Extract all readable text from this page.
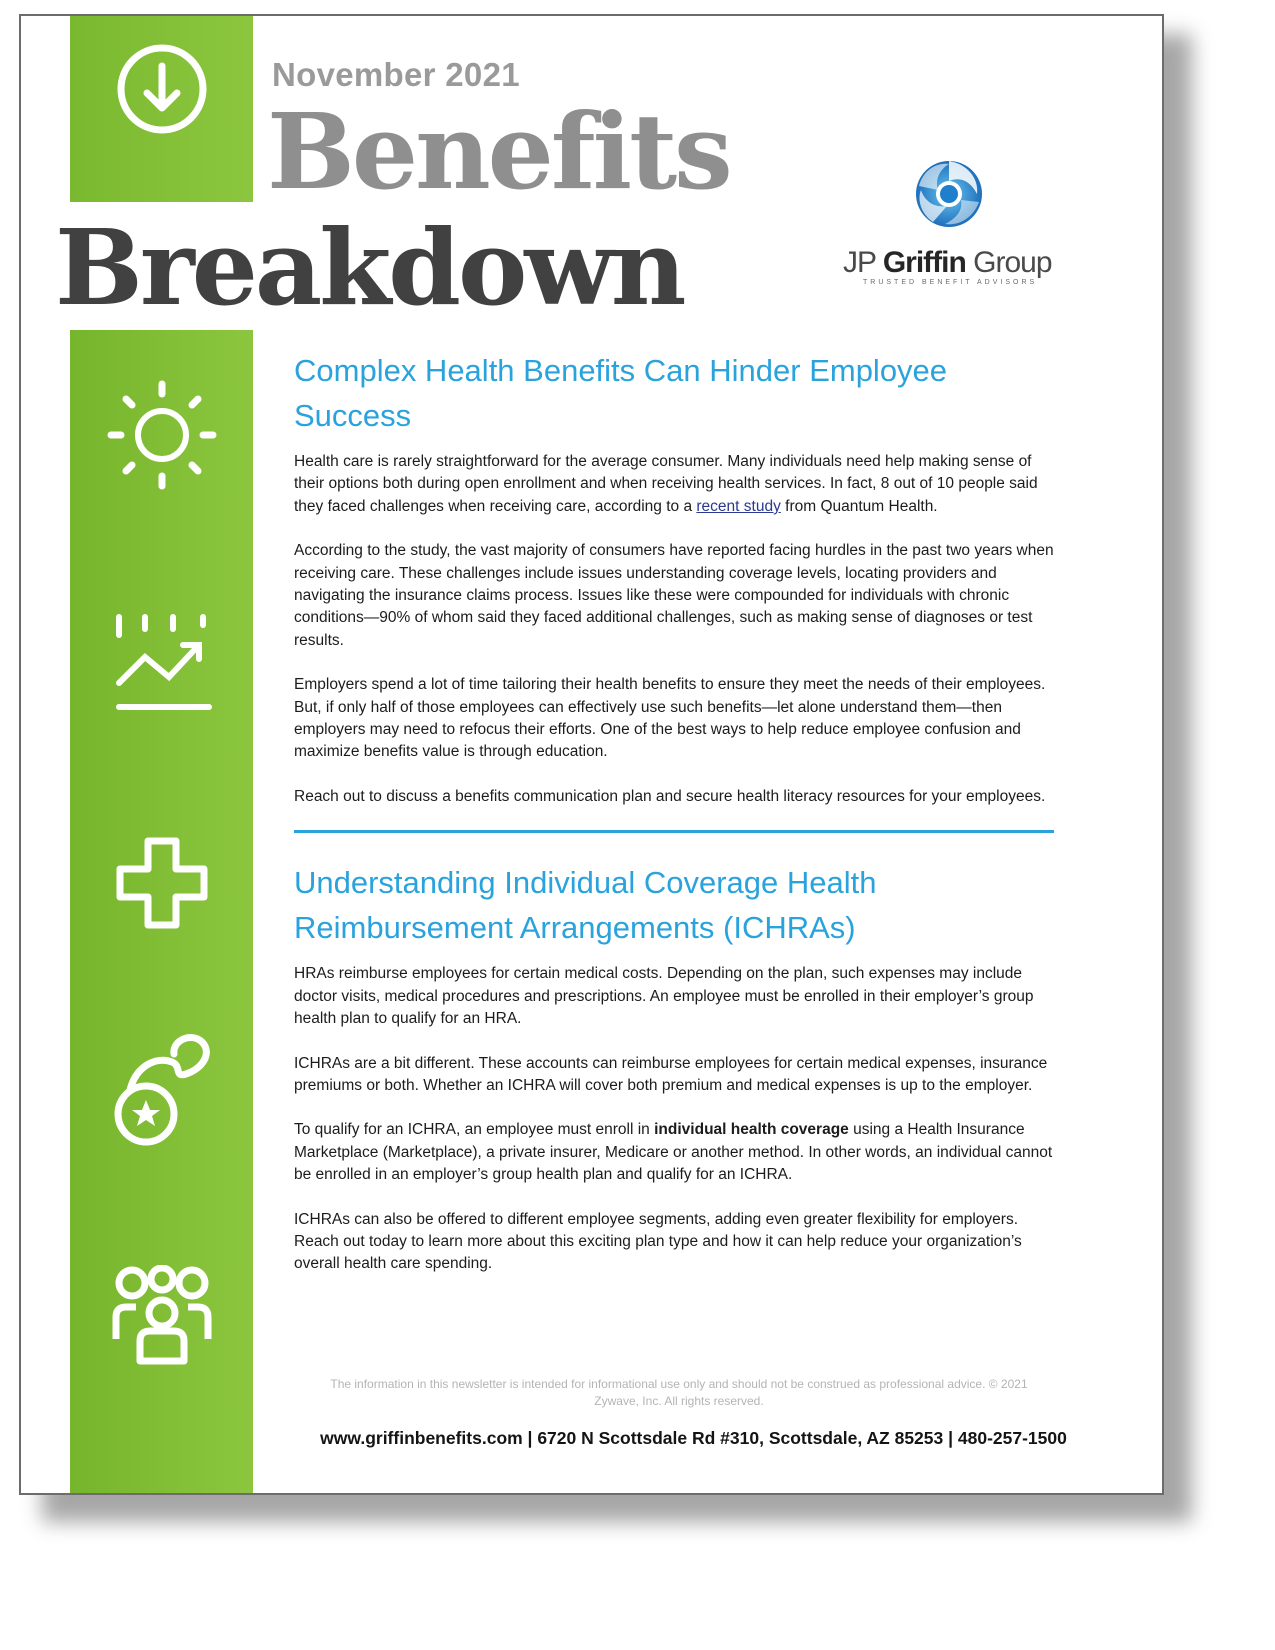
November 2021
Benefits
Breakdown	JP Griffin Group
TRUSTED BENEFIT ADVISORS
Complex Health Benefits Can Hinder Employee Success

Health care is rarely straightforward for the average consumer. Many individuals need help making sense of their options both during open enrollment and when receiving health services. In fact, 8 out of 10 people said they faced challenges when receiving care, according to a recent study from Quantum Health.

According to the study, the vast majority of consumers have reported facing hurdles in the past two years when receiving care. These challenges include issues understanding coverage levels, locating providers and navigating the insurance claims process. Issues like these were compounded for individuals with chronic conditions—90% of whom said they faced additional challenges, such as making sense of diagnoses or test results.

Employers spend a lot of time tailoring their health benefits to ensure they meet the needs of their employees. But, if only half of those employees can effectively use such benefits—let alone understand them—then employers may need to refocus their efforts. One of the best ways to help reduce employee confusion and maximize benefits value is through education.

Reach out to discuss a benefits communication plan and secure health literacy resources for your employees.

Understanding Individual Coverage Health Reimbursement Arrangements (ICHRAs)

HRAs reimburse employees for certain medical costs. Depending on the plan, such expenses may include doctor visits, medical procedures and prescriptions. An employee must be enrolled in their employer’s group health plan to qualify for an HRA.

ICHRAs are a bit different. These accounts can reimburse employees for certain medical expenses, insurance premiums or both. Whether an ICHRA will cover both premium and medical expenses is up to the employer.

To qualify for an ICHRA, an employee must enroll in individual health coverage using a Health Insurance Marketplace (Marketplace), a private insurer, Medicare or another method. In other words, an individual cannot be enrolled in an employer’s group health plan and qualify for an ICHRA.

ICHRAs can also be offered to different employee segments, adding even greater flexibility for employers. Reach out today to learn more about this exciting plan type and how it can help reduce your organization’s overall health care spending.

The information in this newsletter is intended for informational use only and should not be construed as professional advice. © 2021 Zywave, Inc. All rights reserved.
www.griffinbenefits.com | 6720 N Scottsdale Rd #310, Scottsdale, AZ 85253 | 480-257-1500
